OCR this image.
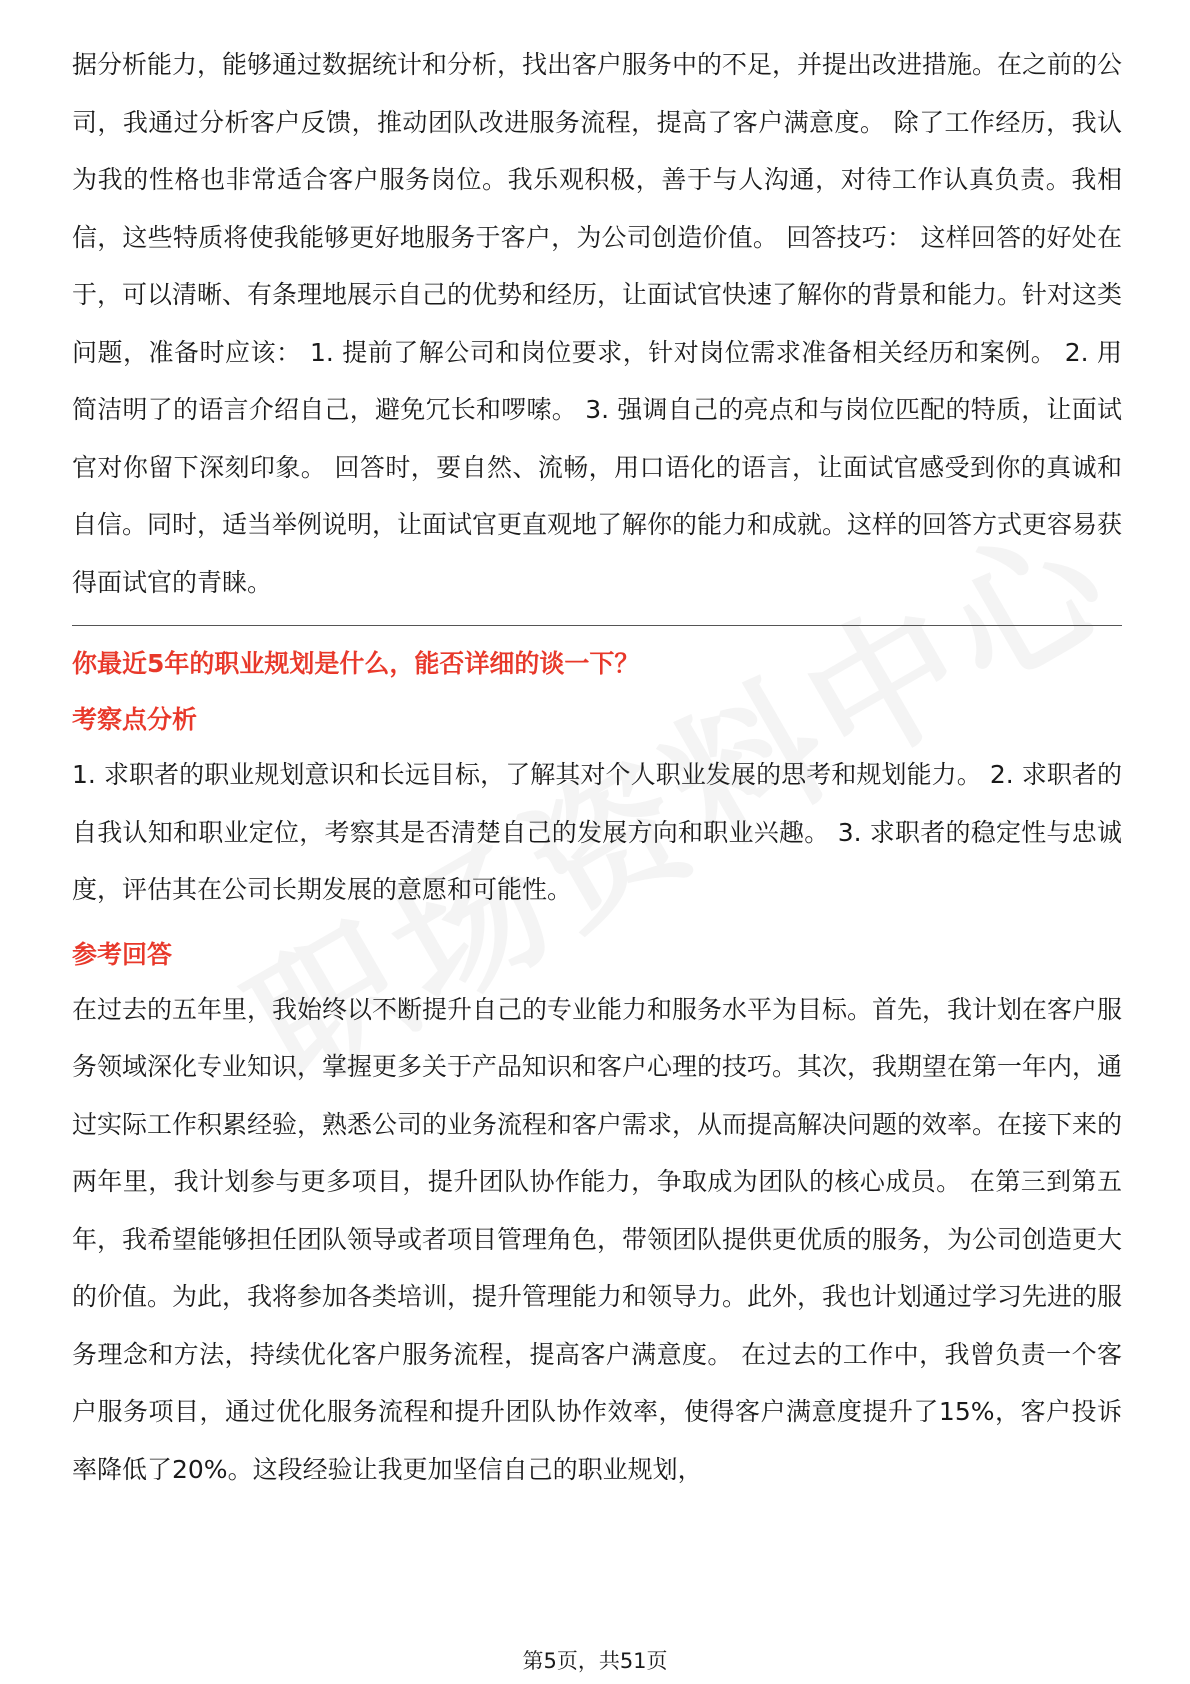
据分析能力，能够通过数据统计和分析，找出客户服务中的不足，并提出改进措施。在之前的公司，我通过分析客户反馈，推动团队改进服务流程，提高了客户满意度。 除了工作经历，我认为我的性格也非常适合客户服务岗位。我乐观积极，善于与人沟通，对待工作认真负责。我相信，这些特质将使我能够更好地服务于客户，为公司创造价值。 回答技巧： 这样回答的好处在于，可以清晰、有条理地展示自己的优势和经历，让面试官快速了解你的背景和能力。针对这类问题，准备时应该： 1. 提前了解公司和岗位要求，针对岗位需求准备相关经历和案例。 2. 用简洁明了的语言介绍自己，避免冗长和啰嗦。 3. 强调自己的亮点和与岗位匹配的特质，让面试官对你留下深刻印象。 回答时，要自然、流畅，用口语化的语言，让面试官感受到你的真诚和自信。同时，适当举例说明，让面试官更直观地了解你的能力和成就。这样的回答方式更容易获得面试官的青睐。

你最近5年的职业规划是什么，能否详细的谈一下？

考察点分析

1. 求职者的职业规划意识和长远目标，了解其对个人职业发展的思考和规划能力。 2. 求职者的自我认知和职业定位，考察其是否清楚自己的发展方向和职业兴趣。 3. 求职者的稳定性与忠诚度，评估其在公司长期发展的意愿和可能性。

参考回答

在过去的五年里，我始终以不断提升自己的专业能力和服务水平为目标。首先，我计划在客户服务领域深化专业知识，掌握更多关于产品知识和客户心理的技巧。其次，我期望在第一年内，通过实际工作积累经验，熟悉公司的业务流程和客户需求，从而提高解决问题的效率。在接下来的两年里，我计划参与更多项目，提升团队协作能力，争取成为团队的核心成员。 在第三到第五年，我希望能够担任团队领导或者项目管理角色，带领团队提供更优质的服务，为公司创造更大的价值。为此，我将参加各类培训，提升管理能力和领导力。此外，我也计划通过学习先进的服务理念和方法，持续优化客户服务流程，提高客户满意度。 在过去的工作中，我曾负责一个客户服务项目，通过优化服务流程和提升团队协作效率，使得客户满意度提升了15%，客户投诉率降低了20%。这段经验让我更加坚信自己的职业规划，

第5页，共51页
